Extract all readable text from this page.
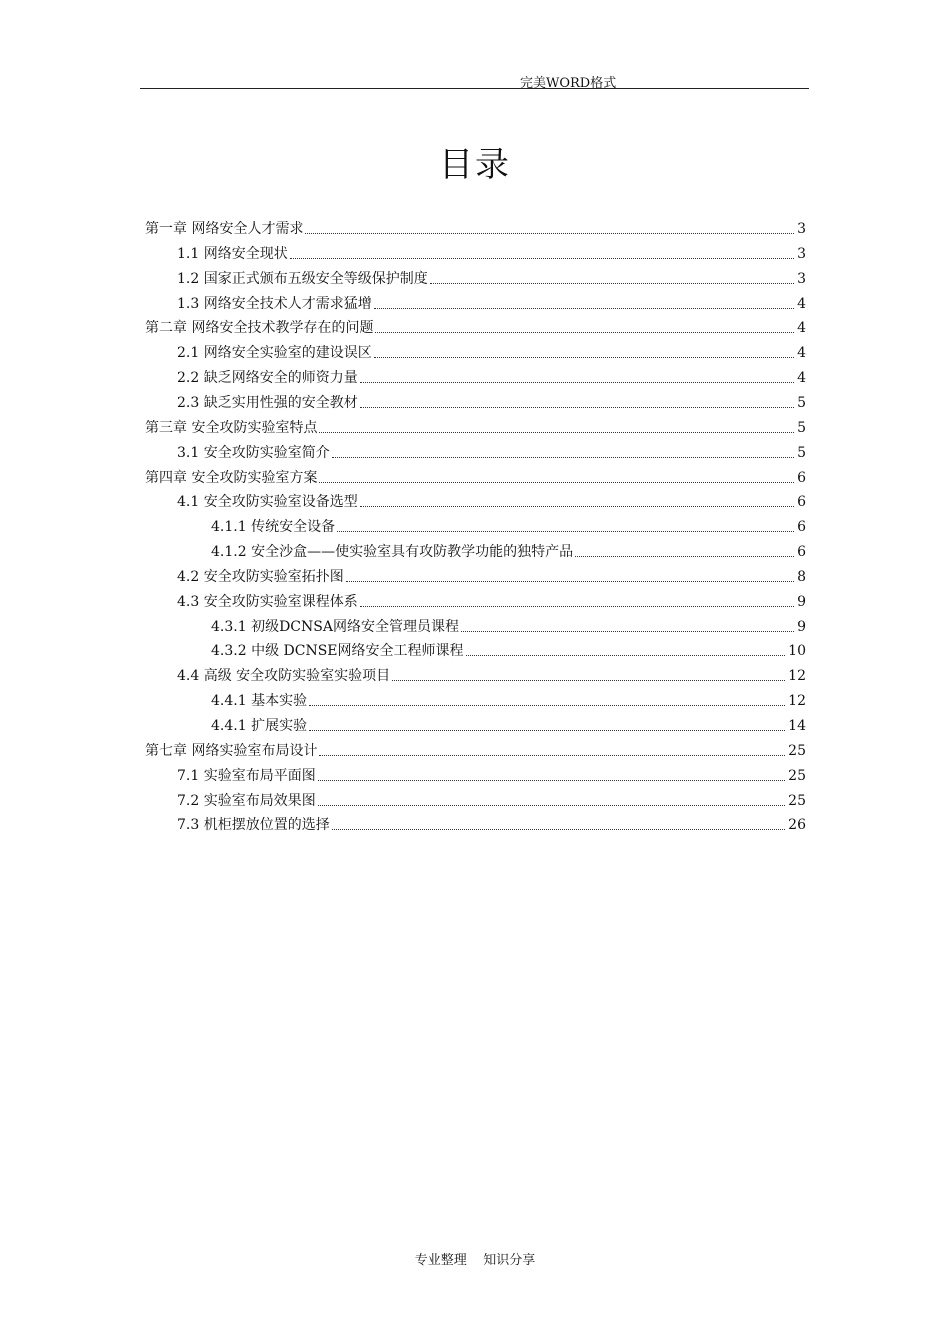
完美WORD格式
目录
第一章 网络安全人才需求	3
1.1 网络安全现状	3
1.2 国家正式颁布五级安全等级保护制度	3
1.3 网络安全技术人才需求猛增	4
第二章 网络安全技术教学存在的问题	4
2.1 网络安全实验室的建设误区	4
2.2 缺乏网络安全的师资力量	4
2.3 缺乏实用性强的安全教材	5
第三章 安全攻防实验室特点	5
3.1 安全攻防实验室简介	5
第四章 安全攻防实验室方案	6
4.1 安全攻防实验室设备选型	6
4.1.1 传统安全设备	6
4.1.2 安全沙盒——使实验室具有攻防教学功能的独特产品	6
4.2 安全攻防实验室拓扑图	8
4.3 安全攻防实验室课程体系	9
4.3.1 初级DCNSA网络安全管理员课程	9
4.3.2 中级 DCNSE网络安全工程师课程	10
4.4 高级 安全攻防实验室实验项目	12
4.4.1 基本实验	12
4.4.1 扩展实验	14
第七章 网络实验室布局设计	25
7.1 实验室布局平面图	25
7.2 实验室布局效果图	25
7.3 机柜摆放位置的选择	26
专业整理    知识分享
